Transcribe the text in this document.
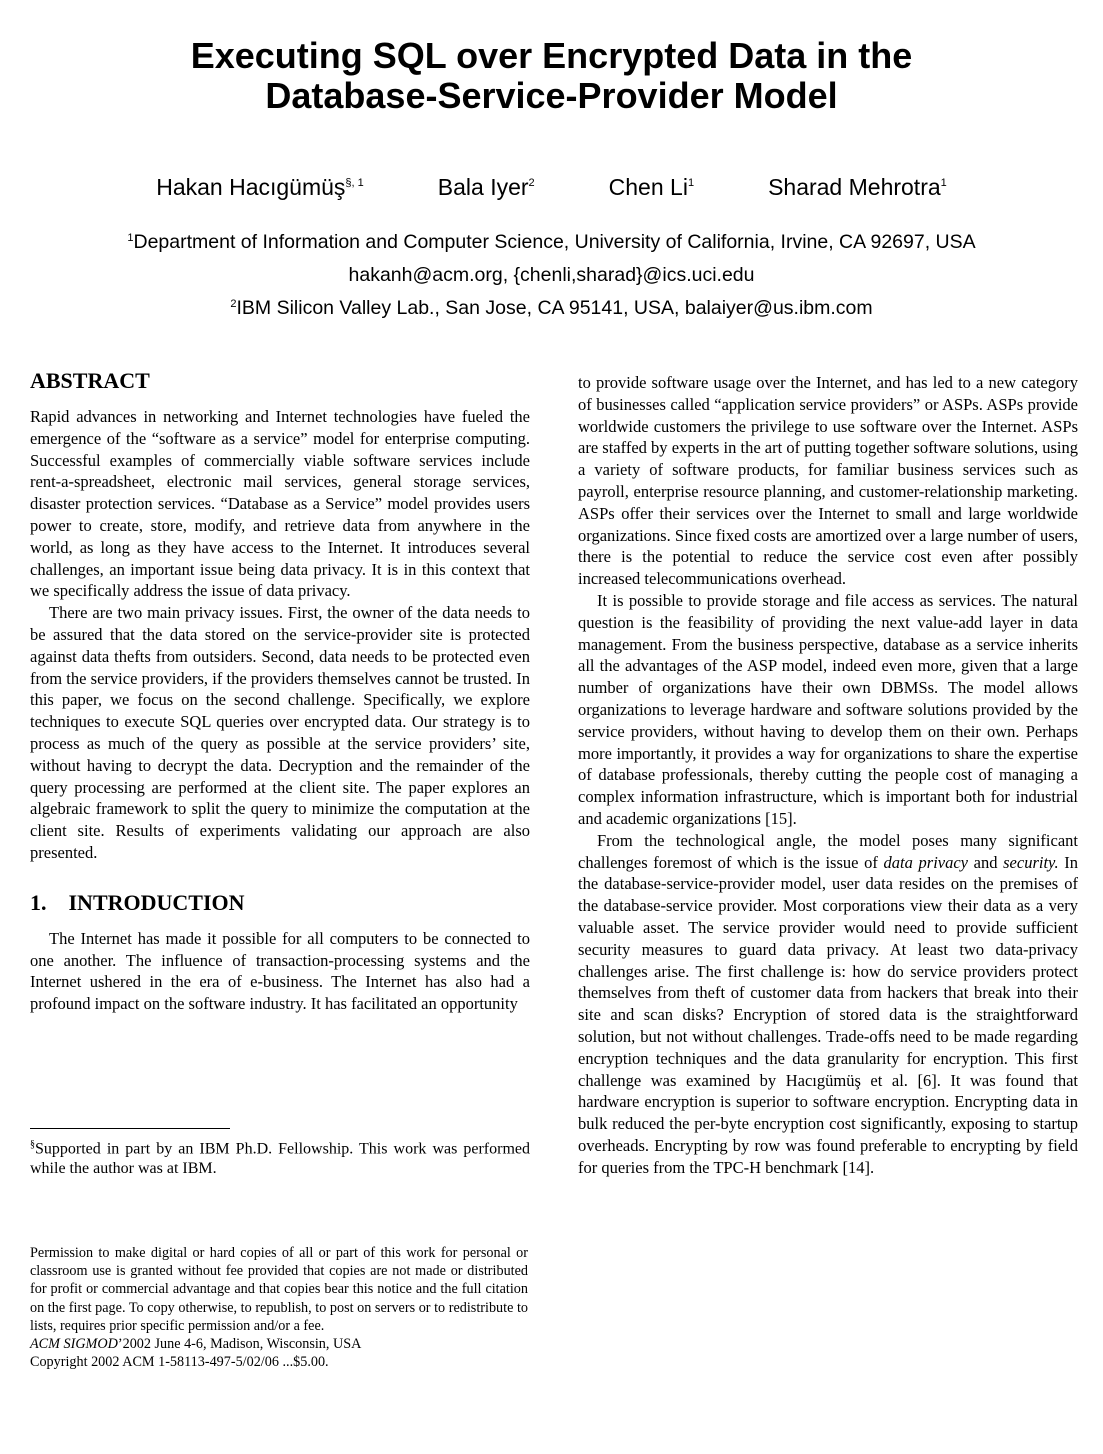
Executing SQL over Encrypted Data in the
Database-Service-Provider Model
Hakan Hacıgümüş$^{\S, 1}$	Bala Iyer$^2$	Chen Li$^1$	Sharad Mehrotra$^1$
$^1$Department of Information and Computer Science, University of California, Irvine, CA 92697, USA
hakanh@acm.org, {chenli,sharad}@ics.uci.edu
$^2$IBM Silicon Valley Lab., San Jose, CA 95141, USA, balaiyer@us.ibm.com
ABSTRACT

Rapid advances in networking and Internet technologies have fueled the emergence of the “software as a service” model for enterprise computing. Successful examples of commercially viable software services include rent-a-spreadsheet, electronic mail services, general storage services, disaster protection services. “Database as a Service” model provides users power to create, store, modify, and retrieve data from anywhere in the world, as long as they have access to the Internet. It introduces several challenges, an important issue being data privacy. It is in this context that we specifically address the issue of data privacy.

There are two main privacy issues. First, the owner of the data needs to be assured that the data stored on the service-provider site is protected against data thefts from outsiders. Second, data needs to be protected even from the service providers, if the providers themselves cannot be trusted. In this paper, we focus on the second challenge. Specifically, we explore techniques to execute SQL queries over encrypted data. Our strategy is to process as much of the query as possible at the service providers’ site, without having to decrypt the data. Decryption and the remainder of the query processing are performed at the client site. The paper explores an algebraic framework to split the query to minimize the computation at the client site. Results of experiments validating our approach are also presented.

1. INTRODUCTION

The Internet has made it possible for all computers to be connected to one another. The influence of transaction-processing systems and the Internet ushered in the era of e-business. The Internet has also had a profound impact on the software industry. It has facilitated an opportunity

§Supported in part by an IBM Ph.D. Fellowship. This work was performed while the author was at IBM.
Permission to make digital or hard copies of all or part of this work for personal or classroom use is granted without fee provided that copies are not made or distributed for profit or commercial advantage and that copies bear this notice and the full citation on the first page. To copy otherwise, to republish, to post on servers or to redistribute to lists, requires prior specific permission and/or a fee.
ACM SIGMOD’2002 June 4-6, Madison, Wisconsin, USA
Copyright 2002 ACM 1-58113-497-5/02/06 ...$5.00.

to provide software usage over the Internet, and has led to a new category of businesses called “application service providers” or ASPs. ASPs provide worldwide customers the privilege to use software over the Internet. ASPs are staffed by experts in the art of putting together software solutions, using a variety of software products, for familiar business services such as payroll, enterprise resource planning, and customer-relationship marketing. ASPs offer their services over the Internet to small and large worldwide organizations. Since fixed costs are amortized over a large number of users, there is the potential to reduce the service cost even after possibly increased telecommunications overhead.

It is possible to provide storage and file access as services. The natural question is the feasibility of providing the next value-add layer in data management. From the business perspective, database as a service inherits all the advantages of the ASP model, indeed even more, given that a large number of organizations have their own DBMSs. The model allows organizations to leverage hardware and software solutions provided by the service providers, without having to develop them on their own. Perhaps more importantly, it provides a way for organizations to share the expertise of database professionals, thereby cutting the people cost of managing a complex information infrastructure, which is important both for industrial and academic organizations [15].

From the technological angle, the model poses many significant challenges foremost of which is the issue of data privacy and security. In the database-service-provider model, user data resides on the premises of the database-service provider. Most corporations view their data as a very valuable asset. The service provider would need to provide sufficient security measures to guard data privacy. At least two data-privacy challenges arise. The first challenge is: how do service providers protect themselves from theft of customer data from hackers that break into their site and scan disks? Encryption of stored data is the straightforward solution, but not without challenges. Trade-offs need to be made regarding encryption techniques and the data granularity for encryption. This first challenge was examined by Hacıgümüş et al. [6]. It was found that hardware encryption is superior to software encryption. Encrypting data in bulk reduced the per-byte encryption cost significantly, exposing to startup overheads. Encrypting by row was found preferable to encrypting by field for queries from the TPC-H benchmark [14].
